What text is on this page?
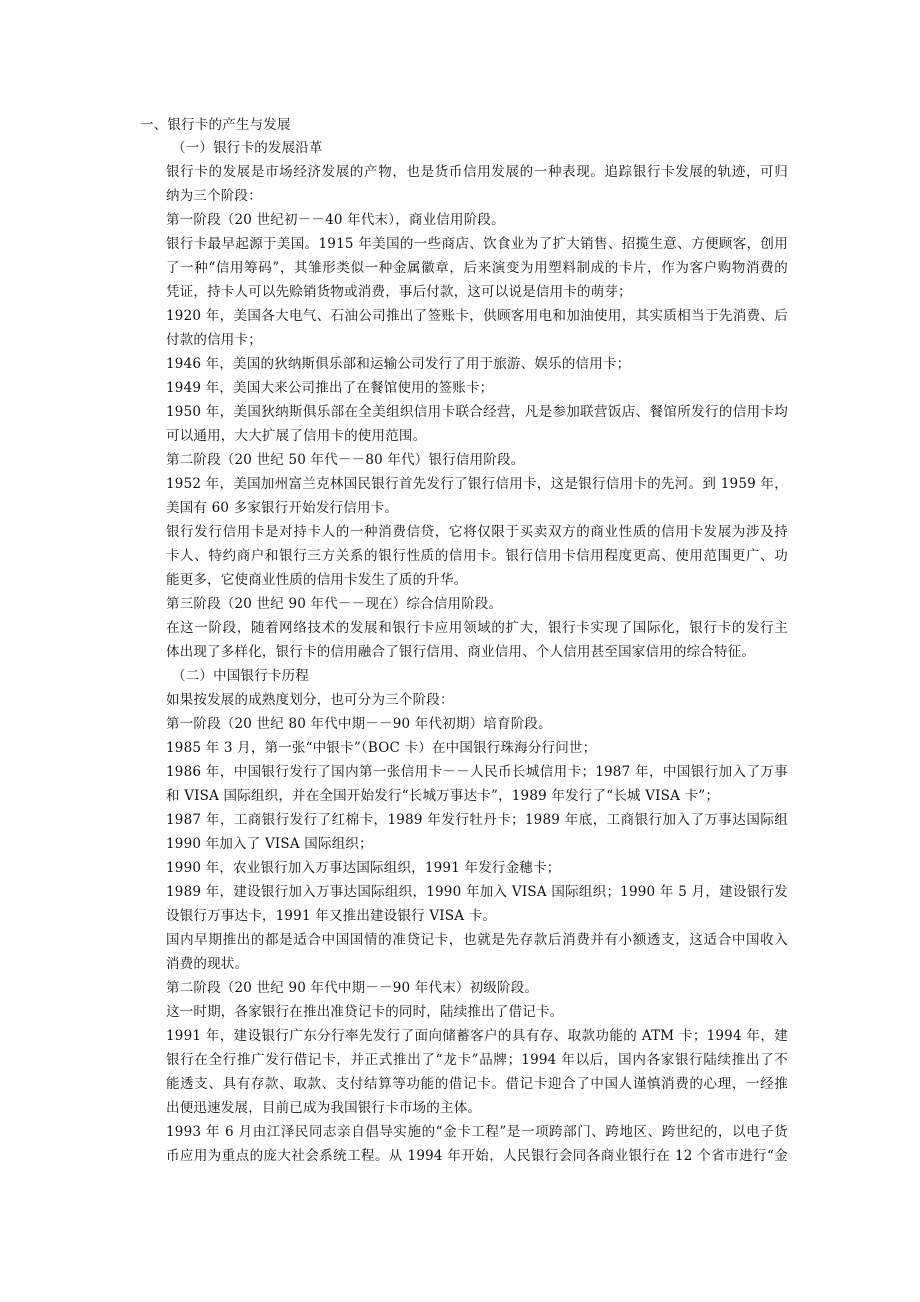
一、银行卡的产生与发展
（一）银行卡的发展沿革
银行卡的发展是市场经济发展的产物，也是货币信用发展的一种表现。追踪银行卡发展的轨迹，可归
纳为三个阶段：
第一阶段（20 世纪初－－40 年代末），商业信用阶段。
银行卡最早起源于美国。1915 年美国的一些商店、饮食业为了扩大销售、招揽生意、方便顾客，创用
了一种“信用筹码”，其雏形类似一种金属徽章，后来演变为用塑料制成的卡片，作为客户购物消费的
凭证，持卡人可以先赊销货物或消费，事后付款，这可以说是信用卡的萌芽；
1920 年，美国各大电气、石油公司推出了签账卡，供顾客用电和加油使用，其实质相当于先消费、后
付款的信用卡；
1946 年，美国的狄纳斯俱乐部和运输公司发行了用于旅游、娱乐的信用卡；
1949 年，美国大来公司推出了在餐馆使用的签账卡；
1950 年，美国狄纳斯俱乐部在全美组织信用卡联合经营，凡是参加联营饭店、餐馆所发行的信用卡均
可以通用，大大扩展了信用卡的使用范围。
第二阶段（20 世纪 50 年代－－80 年代）银行信用阶段。
1952 年，美国加州富兰克林国民银行首先发行了银行信用卡，这是银行信用卡的先河。到 1959 年，
美国有 60 多家银行开始发行信用卡。
银行发行信用卡是对持卡人的一种消费信贷，它将仅限于买卖双方的商业性质的信用卡发展为涉及持
卡人、特约商户和银行三方关系的银行性质的信用卡。银行信用卡信用程度更高、使用范围更广、功
能更多，它使商业性质的信用卡发生了质的升华。
第三阶段（20 世纪 90 年代－－现在）综合信用阶段。
在这一阶段，随着网络技术的发展和银行卡应用领域的扩大，银行卡实现了国际化，银行卡的发行主
体出现了多样化，银行卡的信用融合了银行信用、商业信用、个人信用甚至国家信用的综合特征。
（二）中国银行卡历程
如果按发展的成熟度划分，也可分为三个阶段：
第一阶段（20 世纪 80 年代中期－－90 年代初期）培育阶段。
1985 年 3 月，第一张“中银卡”（BOC 卡）在中国银行珠海分行问世；
1986 年，中国银行发行了国内第一张信用卡－－人民币长城信用卡；1987 年，中国银行加入了万事
和 VISA 国际组织，并在全国开始发行“长城万事达卡”，1989 年发行了“长城 VISA 卡”；
1987 年，工商银行发行了红棉卡，1989 年发行牡丹卡；1989 年底，工商银行加入了万事达国际组
1990 年加入了 VISA 国际组织；
1990 年，农业银行加入万事达国际组织，1991 年发行金穗卡；
1989 年，建设银行加入万事达国际组织，1990 年加入 VISA 国际组织；1990 年 5 月，建设银行发
设银行万事达卡，1991 年又推出建设银行 VISA 卡。
国内早期推出的都是适合中国国情的准贷记卡，也就是先存款后消费并有小额透支，这适合中国收入
消费的现状。
第二阶段（20 世纪 90 年代中期－－90 年代末）初级阶段。
这一时期，各家银行在推出准贷记卡的同时，陆续推出了借记卡。
1991 年，建设银行广东分行率先发行了面向储蓄客户的具有存、取款功能的 ATM 卡；1994 年，建
银行在全行推广发行借记卡，并正式推出了“龙卡”品牌；1994 年以后，国内各家银行陆续推出了不
能透支、具有存款、取款、支付结算等功能的借记卡。借记卡迎合了中国人谨慎消费的心理，一经推
出便迅速发展，目前已成为我国银行卡市场的主体。
1993 年 6 月由江泽民同志亲自倡导实施的“金卡工程”是一项跨部门、跨地区、跨世纪的，以电子货
币应用为重点的庞大社会系统工程。从 1994 年开始，人民银行会同各商业银行在 12 个省市进行“金
